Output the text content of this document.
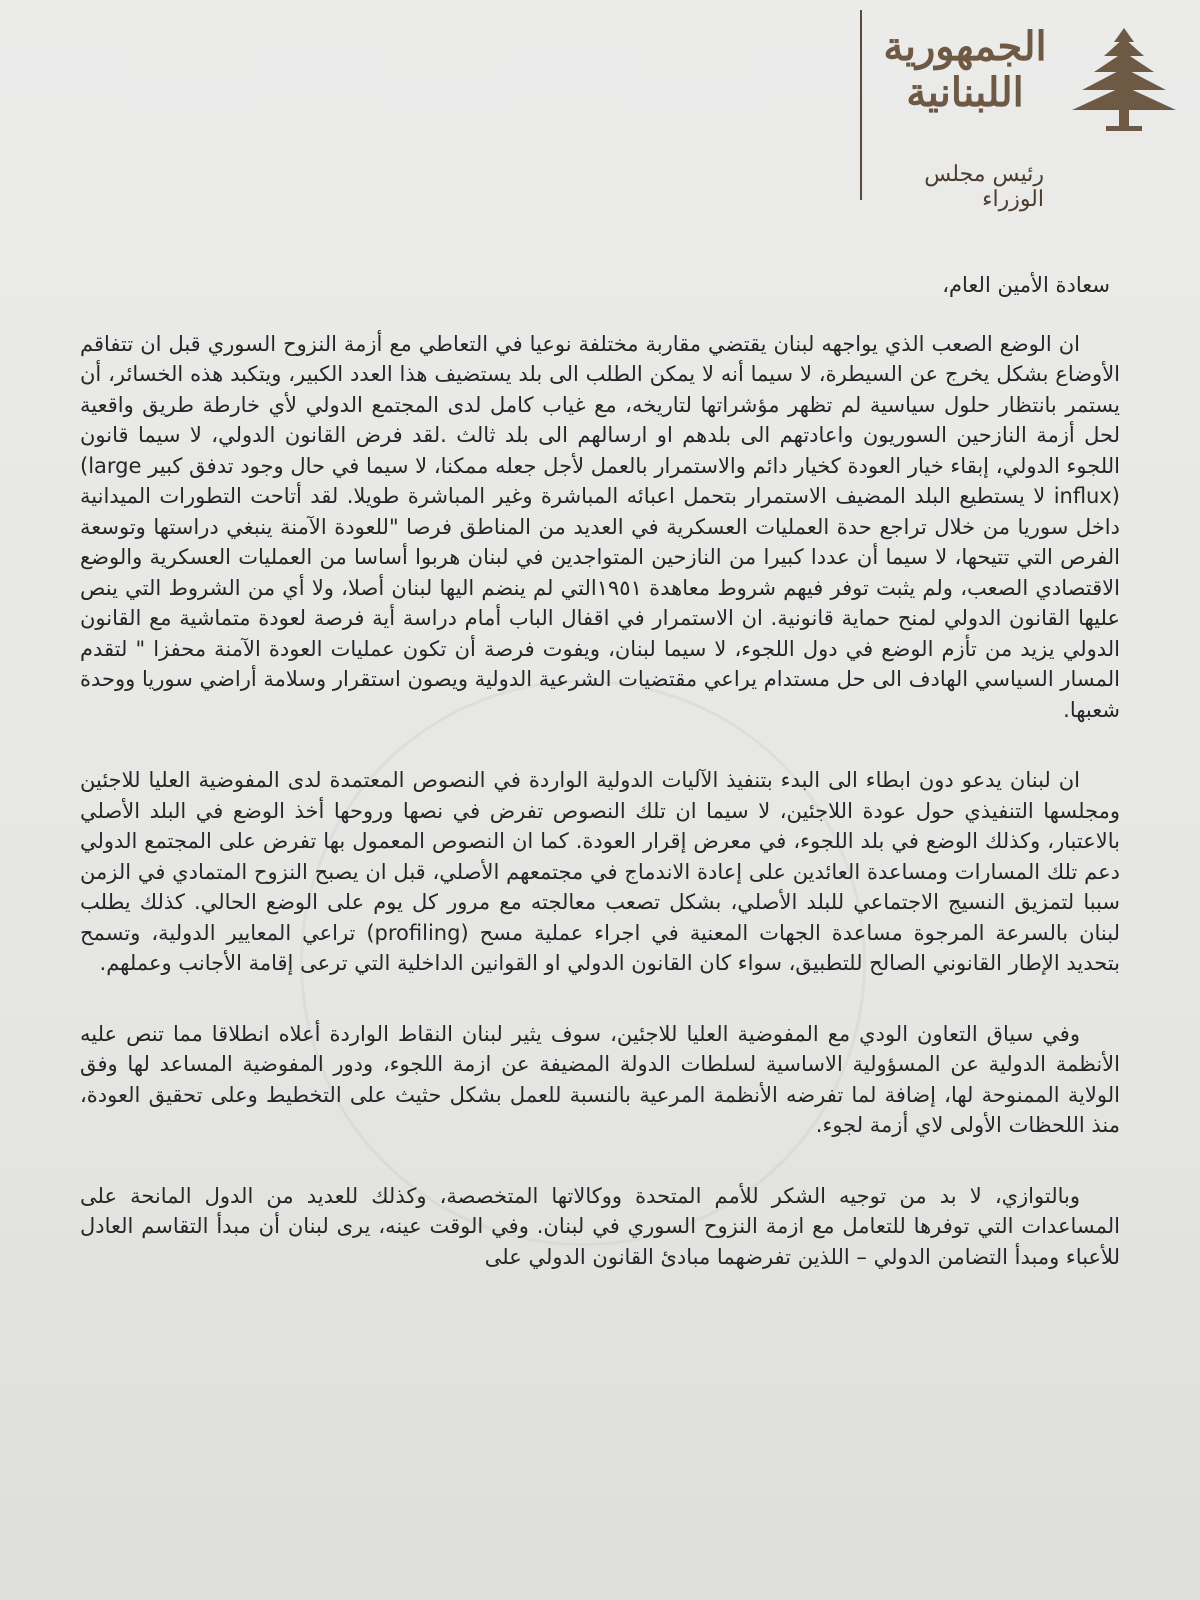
الجمهورية اللبنانية
رئيس مجلس الوزراء

سعادة الأمين العام،

ان الوضع الصعب الذي يواجهه لبنان يقتضي مقاربة مختلفة نوعيا في التعاطي مع أزمة النزوح السوري قبل ان تتفاقم الأوضاع بشكل يخرج عن السيطرة، لا سيما أنه لا يمكن الطلب الى بلد يستضيف هذا العدد الكبير، ويتكبد هذه الخسائر، أن يستمر بانتظار حلول سياسية لم تظهر مؤشراتها لتاريخه، مع غياب كامل لدى المجتمع الدولي لأي خارطة طريق واقعية لحل أزمة النازحين السوريون واعادتهم الى بلدهم او ارسالهم الى بلد ثالث .لقد فرض القانون الدولي، لا سيما قانون اللجوء الدولي، إبقاء خيار العودة كخيار دائم والاستمرار بالعمل لأجل جعله ممكنا، لا سيما في حال وجود تدفق كبير (large influx) لا يستطيع البلد المضيف الاستمرار بتحمل اعبائه المباشرة وغير المباشرة طويلا. لقد أتاحت التطورات الميدانية داخل سوريا من خلال تراجع حدة العمليات العسكرية في العديد من المناطق فرصا "للعودة الآمنة ينبغي دراستها وتوسعة الفرص التي تتيحها، لا سيما أن عددا كبيرا من النازحين المتواجدين في لبنان هربوا أساسا من العمليات العسكرية والوضع الاقتصادي الصعب، ولم يثبت توفر فيهم شروط معاهدة ١٩٥١التي لم ينضم اليها لبنان أصلا، ولا أي من الشروط التي ينص عليها القانون الدولي لمنح حماية قانونية. ان الاستمرار في اقفال الباب أمام دراسة أية فرصة لعودة متماشية مع القانون الدولي يزيد من تأزم الوضع في دول اللجوء، لا سيما لبنان، ويفوت فرصة أن تكون عمليات العودة الآمنة محفزا " لتقدم المسار السياسي الهادف الى حل مستدام يراعي مقتضيات الشرعية الدولية ويصون استقرار وسلامة أراضي سوريا ووحدة شعبها.

ان لبنان يدعو دون ابطاء الى البدء بتنفيذ الآليات الدولية الواردة في النصوص المعتمدة لدى المفوضية العليا للاجئين ومجلسها التنفيذي حول عودة اللاجئين، لا سيما ان تلك النصوص تفرض في نصها وروحها أخذ الوضع في البلد الأصلي بالاعتبار، وكذلك الوضع في بلد اللجوء، في معرض إقرار العودة. كما ان النصوص المعمول بها تفرض على المجتمع الدولي دعم تلك المسارات ومساعدة العائدين على إعادة الاندماج في مجتمعهم الأصلي، قبل ان يصبح النزوح المتمادي في الزمن سببا لتمزيق النسيج الاجتماعي للبلد الأصلي، بشكل تصعب معالجته مع مرور كل يوم على الوضع الحالي. كذلك يطلب لبنان بالسرعة المرجوة مساعدة الجهات المعنية في اجراء عملية مسح (profiling) تراعي المعايير الدولية، وتسمح بتحديد الإطار القانوني الصالح للتطبيق، سواء كان القانون الدولي او القوانين الداخلية التي ترعى إقامة الأجانب وعملهم.

وفي سياق التعاون الودي مع المفوضية العليا للاجئين، سوف يثير لبنان النقاط الواردة أعلاه انطلاقا مما تنص عليه الأنظمة الدولية عن المسؤولية الاساسية لسلطات الدولة المضيفة عن ازمة اللجوء، ودور المفوضية المساعد لها وفق الولاية الممنوحة لها، إضافة لما تفرضه الأنظمة المرعية بالنسبة للعمل بشكل حثيث على التخطيط وعلى تحقيق العودة، منذ اللحظات الأولى لاي أزمة لجوء.

وبالتوازي، لا بد من توجيه الشكر للأمم المتحدة ووكالاتها المتخصصة، وكذلك للعديد من الدول المانحة على المساعدات التي توفرها للتعامل مع ازمة النزوح السوري في لبنان. وفي الوقت عينه، يرى لبنان أن مبدأ التقاسم العادل للأعباء ومبدأ التضامن الدولي – اللذين تفرضهما مبادئ القانون الدولي على
